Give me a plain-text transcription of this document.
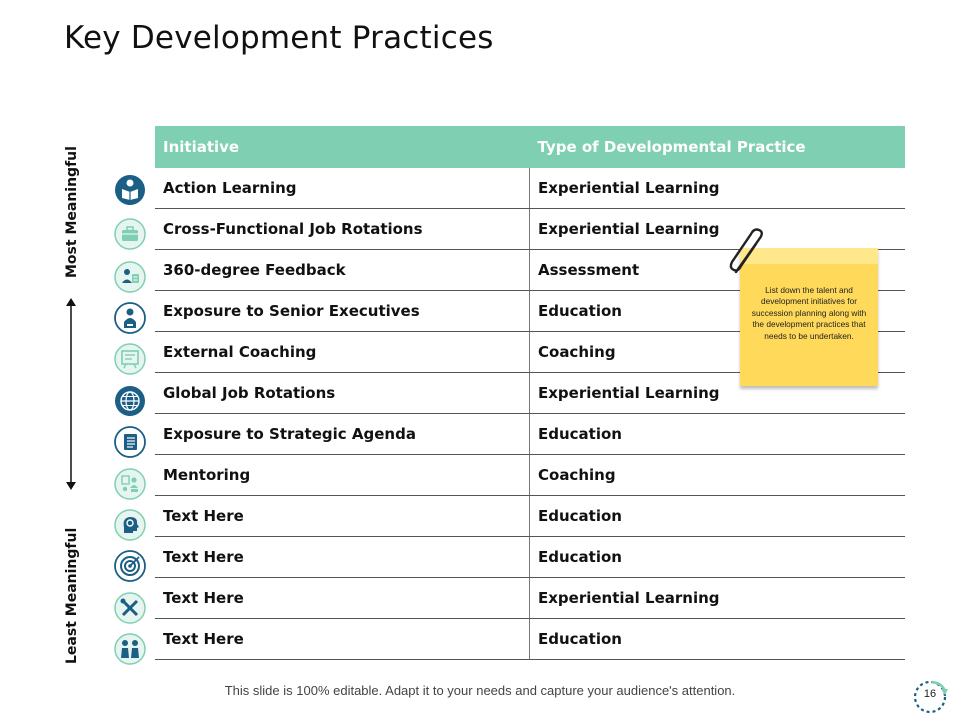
Key Development Practices
Most Meaningful
Least Meaningful
Initiative	Type of Developmental Practice
Action Learning	Experiential Learning
Cross-Functional Job Rotations	Experiential Learning
360-degree Feedback	Assessment
Exposure to Senior Executives	Education
External Coaching	Coaching
Global Job Rotations	Experiential Learning
Exposure to Strategic Agenda	Education
Mentoring	Coaching
Text Here	Education
Text Here	Education
Text Here	Experiential Learning
Text Here	Education
List down the talent and development initiatives for succession planning along with the development practices that needs to be undertaken.
This slide is 100% editable. Adapt it to your needs and capture your audience's attention.	16
